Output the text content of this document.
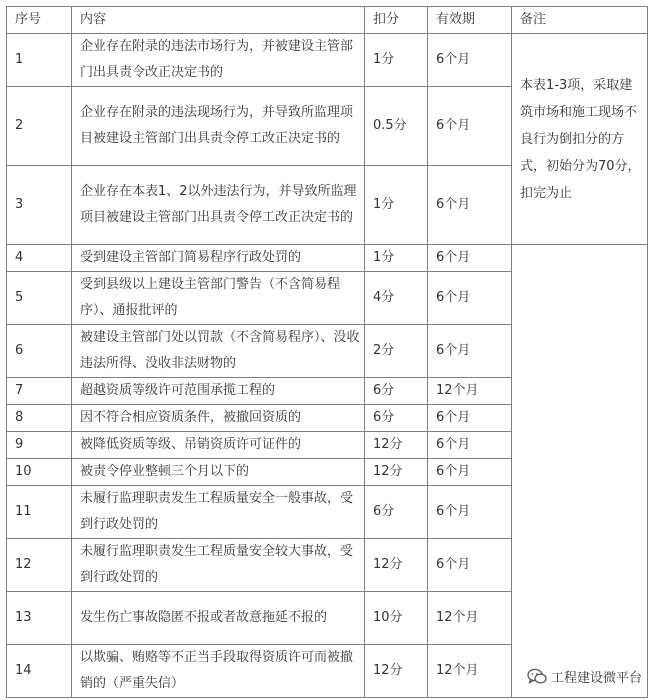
序号	内容	扣分	有效期	备注
1	企业存在附录的违法市场行为，并被建设主管部门出具责令改正决定书的	1分	6个月	本表1-3项，采取建筑市场和施工现场不良行为倒扣分的方式，初始分为70分，扣完为止
2	企业存在附录的违法现场行为，并导致所监理项目被建设主管部门出具责令停工改正决定书的	0.5分	6个月	
3	企业存在本表1、2以外违法行为，并导致所监理项目被建设主管部门出具责令停工改正决定书的	1分	6个月	
4	受到建设主管部门简易程序行政处罚的	1分	6个月	
5	受到县级以上建设主管部门警告（不含简易程序）、通报批评的	4分	6个月	
6	被建设主管部门处以罚款（不含简易程序）、没收违法所得、没收非法财物的	2分	6个月	
7	超越资质等级许可范围承揽工程的	6分	12个月	
8	因不符合相应资质条件，被撤回资质的	6分	6个月	
9	被降低资质等级、吊销资质许可证件的	12分	6个月	
10	被责令停业整顿三个月以下的	12分	6个月	
11	未履行监理职责发生工程质量安全一般事故，受到行政处罚的	6分	6个月	
12	未履行监理职责发生工程质量安全较大事故，受到行政处罚的	12分	6个月	
13	发生伤亡事故隐匿不报或者故意拖延不报的	10分	12个月	
14	以欺骗、贿赂等不正当手段取得资质许可而被撤销的（严重失信）	12分	12个月	
工程建设微平台
